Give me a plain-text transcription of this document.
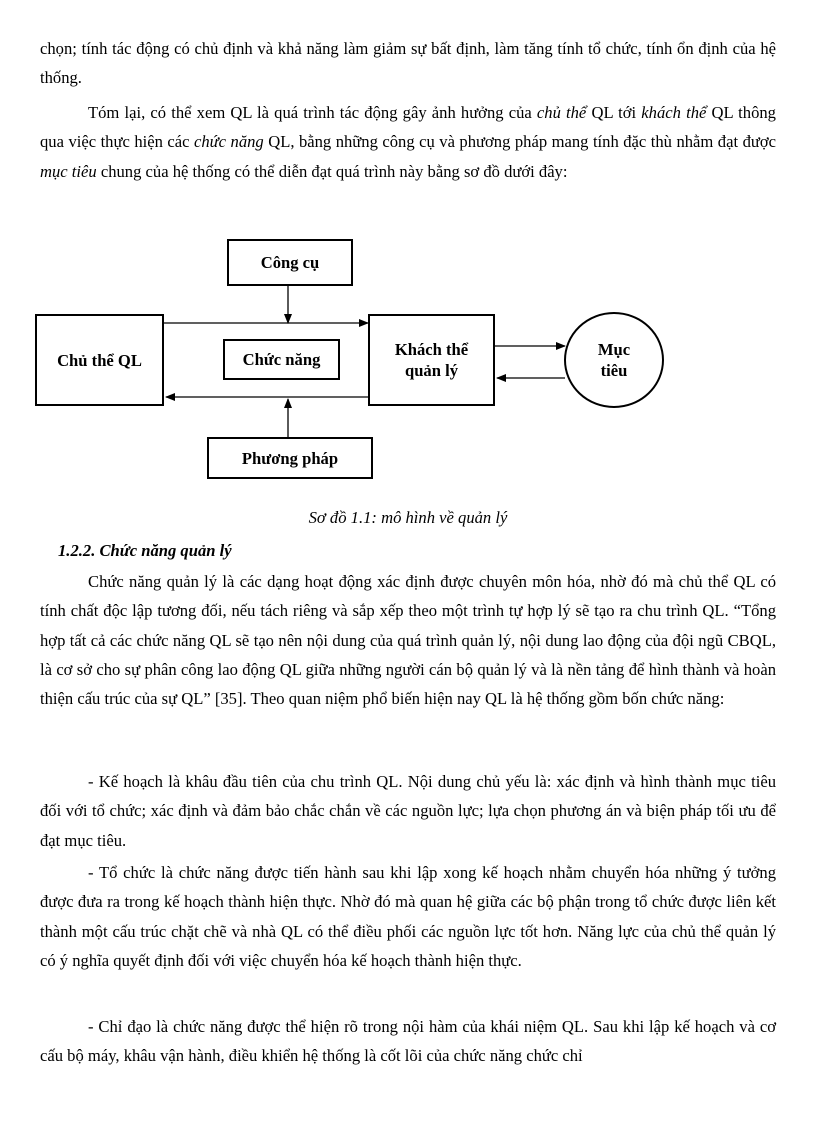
chọn; tính tác động có chủ định và khả năng làm giảm sự bất định, làm tăng tính tổ chức, tính ổn định của hệ thống.

Tóm lại, có thể xem QL là quá trình tác động gây ảnh hưởng của chủ thể QL tới khách thể QL thông qua việc thực hiện các chức năng QL, bằng những công cụ và phương pháp mang tính đặc thù nhằm đạt được mục tiêu chung của hệ thống có thể diễn đạt quá trình này bằng sơ đồ dưới đây:

Công cụ
Chủ thể QL	Chức năng
Khách thể
quản lý
Mục
tiêu
Phương pháp
Sơ đồ 1.1: mô hình về quản lý
1.2.2. Chức năng quản lý

Chức năng quản lý là các dạng hoạt động xác định được chuyên môn hóa, nhờ đó mà chủ thể QL có tính chất độc lập tương đối, nếu tách riêng và sắp xếp theo một trình tự hợp lý sẽ tạo ra chu trình QL. “Tổng hợp tất cả các chức năng QL sẽ tạo nên nội dung của quá trình quản lý, nội dung lao động của đội ngũ CBQL, là cơ sở cho sự phân công lao động QL giữa những người cán bộ quản lý và là nền tảng để hình thành và hoàn thiện cấu trúc của sự QL” [35]. Theo quan niệm phổ biến hiện nay QL là hệ thống gồm bốn chức năng:

- Kế hoạch là khâu đầu tiên của chu trình QL. Nội dung chủ yếu là: xác định và hình thành mục tiêu đối với tổ chức; xác định và đảm bảo chắc chắn về các nguồn lực; lựa chọn phương án và biện pháp tối ưu để đạt mục tiêu.

- Tổ chức là chức năng được tiến hành sau khi lập xong kế hoạch nhằm chuyển hóa những ý tưởng được đưa ra trong kế hoạch thành hiện thực. Nhờ đó mà quan hệ giữa các bộ phận trong tổ chức được liên kết thành một cấu trúc chặt chẽ và nhà QL có thể điều phối các nguồn lực tốt hơn. Năng lực của chủ thể quản lý có ý nghĩa quyết định đối với việc chuyển hóa kế hoạch thành hiện thực.

- Chỉ đạo là chức năng được thể hiện rõ trong nội hàm của khái niệm QL. Sau khi lập kế hoạch và cơ cấu bộ máy, khâu vận hành, điều khiển hệ thống là cốt lõi của chức năng chức chỉ
